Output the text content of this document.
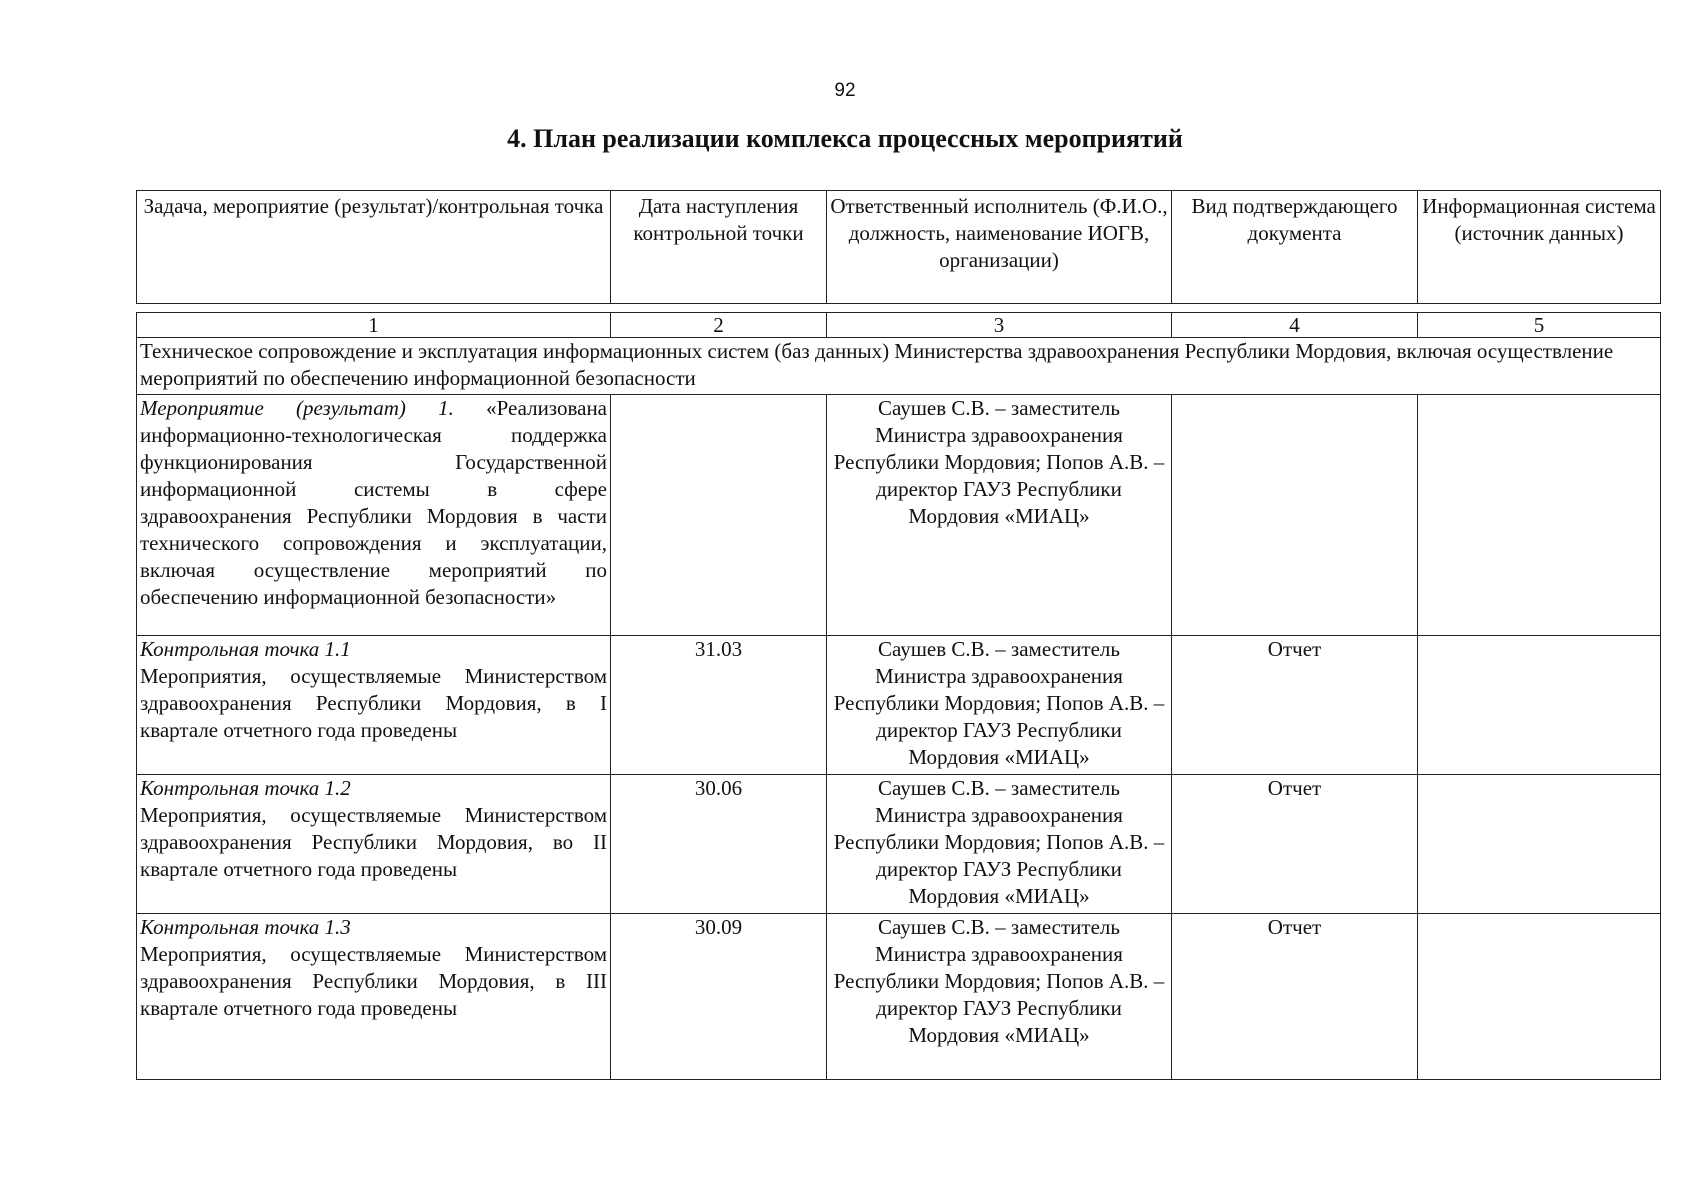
92
4. План реализации комплекса процессных мероприятий
Задача, мероприятие (результат)/контрольная точка	Дата наступления контрольной точки	Ответственный исполнитель (Ф.И.О., должность, наименование ИОГВ, организации)	Вид подтверждающего документа	Информационная система (источник данных)
1	2	3	4	5
Техническое сопровождение и эксплуатация информационных систем (баз данных) Министерства здравоохранения Республики Мордовия, включая осуществление мероприятий по обеспечению информационной безопасности				
Мероприятие (результат) 1. «Реализована информационно-технологическая поддержка функционирования Государственной информационной системы в сфере здравоохранения Республики Мордовия в части технического сопровождения и эксплуатации, включая осуществление мероприятий по обеспечению информационной безопасности»		Саушев С.В. – заместитель Министра здравоохранения Республики Мордовия; Попов А.В. – директор ГАУЗ Республики Мордовия «МИАЦ»		

Контрольная точка 1.1
Мероприятия, осуществляемые Министерством здравоохранения Республики Мордовия, в I квартале отчетного года проведены	31.03	Саушев С.В. – заместитель Министра здравоохранения Республики Мордовия; Попов А.В. – директор ГАУЗ Республики Мордовия «МИАЦ»	Отчет	

Контрольная точка 1.2
Мероприятия, осуществляемые Министерством здравоохранения Республики Мордовия, во II квартале отчетного года проведены	30.06	Саушев С.В. – заместитель Министра здравоохранения Республики Мордовия; Попов А.В. – директор ГАУЗ Республики Мордовия «МИАЦ»	Отчет	

Контрольная точка 1.3
Мероприятия, осуществляемые Министерством здравоохранения Республики Мордовия, в III квартале отчетного года проведены	30.09	Саушев С.В. – заместитель Министра здравоохранения Республики Мордовия; Попов А.В. – директор ГАУЗ Республики Мордовия «МИАЦ»	Отчет	
